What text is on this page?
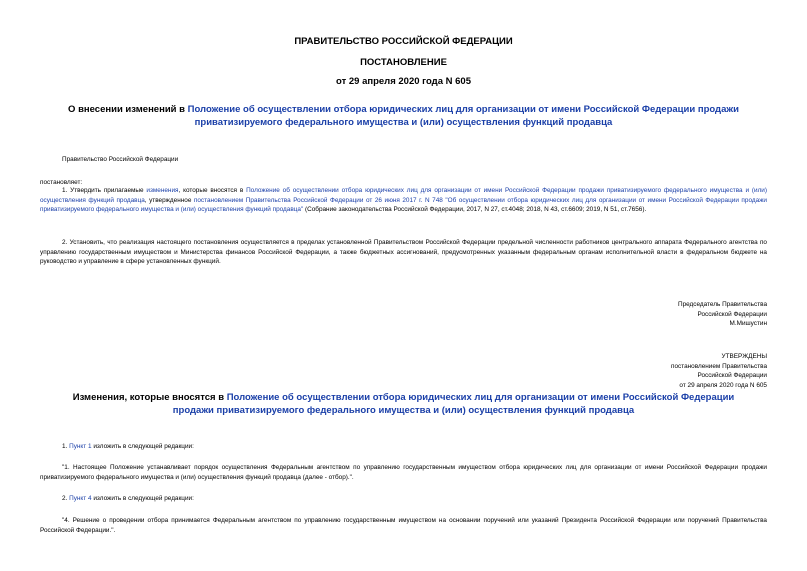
ПРАВИТЕЛЬСТВО РОССИЙСКОЙ ФЕДЕРАЦИИ
ПОСТАНОВЛЕНИЕ
от 29 апреля 2020 года N 605
О внесении изменений в Положение об осуществлении отбора юридических лиц для организации от имени Российской Федерации продажи приватизируемого федерального имущества и (или) осуществления функций продавца
Правительство Российской Федерации
постановляет:
1. Утвердить прилагаемые изменения, которые вносятся в Положение об осуществлении отбора юридических лиц для организации от имени Российской Федерации продажи приватизируемого федерального имущества и (или) осуществления функций продавца, утвержденное постановлением Правительства Российской Федерации от 26 июня 2017 г. N 748 "Об осуществлении отбора юридических лиц для организации от имени Российской Федерации продажи приватизируемого федерального имущества и (или) осуществления функций продавца" (Собрание законодательства Российской Федерации, 2017, N 27, ст.4048; 2018, N 43, ст.6609; 2019, N 51, ст.7656).
2. Установить, что реализация настоящего постановления осуществляется в пределах установленной Правительством Российской Федерации предельной численности работников центрального аппарата Федерального агентства по управлению государственным имуществом и Министерства финансов Российской Федерации, а также бюджетных ассигнований, предусмотренных указанным федеральным органам исполнительной власти в федеральном бюджете на руководство и управление в сфере установленных функций.
Председатель Правительства
Российской Федерации
М.Мишустин
УТВЕРЖДЕНЫ
постановлением Правительства
Российской Федерации
от 29 апреля 2020 года N 605
Изменения, которые вносятся в Положение об осуществлении отбора юридических лиц для организации от имени Российской Федерации продажи приватизируемого федерального имущества и (или) осуществления функций продавца
1. Пункт 1 изложить в следующей редакции:
"1. Настоящее Положение устанавливает порядок осуществления Федеральным агентством по управлению государственным имуществом отбора юридических лиц для организации от имени Российской Федерации продажи приватизируемого федерального имущества и (или) осуществления функций продавца (далее - отбор).".
2. Пункт 4 изложить в следующей редакции:
"4. Решение о проведении отбора принимается Федеральным агентством по управлению государственным имуществом на основании поручений или указаний Президента Российской Федерации или поручений Правительства Российской Федерации.".
